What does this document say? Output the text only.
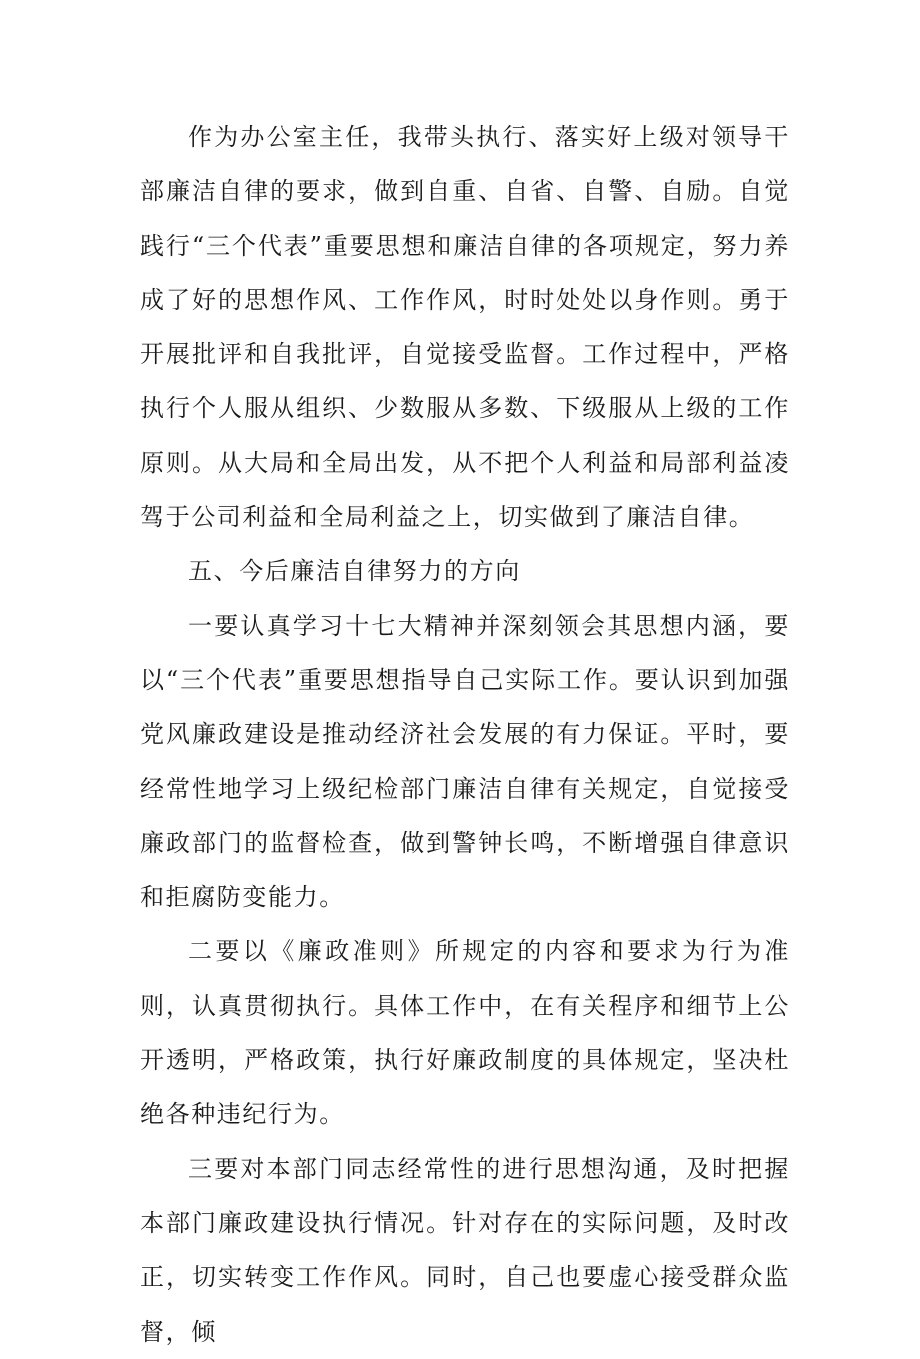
作为办公室主任，我带头执行、落实好上级对领导干部廉洁自律的要求，做到自重、自省、自警、自励。自觉践行“三个代表”重要思想和廉洁自律的各项规定，努力养成了好的思想作风、工作作风，时时处处以身作则。勇于开展批评和自我批评，自觉接受监督。工作过程中，严格执行个人服从组织、少数服从多数、下级服从上级的工作原则。从大局和全局出发，从不把个人利益和局部利益凌驾于公司利益和全局利益之上，切实做到了廉洁自律。

五、今后廉洁自律努力的方向

一要认真学习十七大精神并深刻领会其思想内涵，要以“三个代表”重要思想指导自己实际工作。要认识到加强党风廉政建设是推动经济社会发展的有力保证。平时，要经常性地学习上级纪检部门廉洁自律有关规定，自觉接受廉政部门的监督检查，做到警钟长鸣，不断增强自律意识和拒腐防变能力。

二要以《廉政准则》所规定的内容和要求为行为准则，认真贯彻执行。具体工作中，在有关程序和细节上公开透明，严格政策，执行好廉政制度的具体规定，坚决杜绝各种违纪行为。

三要对本部门同志经常性的进行思想沟通，及时把握本部门廉政建设执行情况。针对存在的实际问题，及时改正，切实转变工作作风。同时，自己也要虚心接受群众监督，倾
